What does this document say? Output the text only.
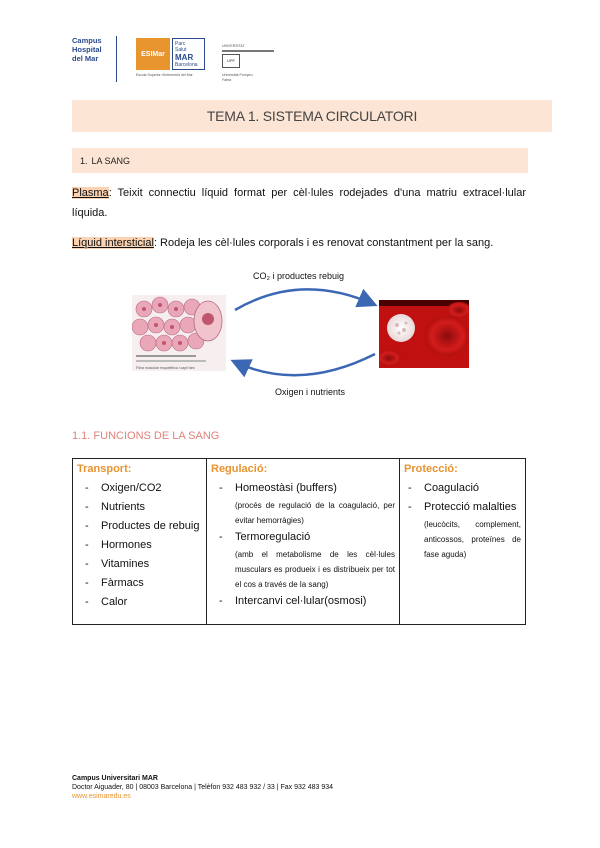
Campus
Hospital
del Mar	ESIMar
Parc
Salut
MAR
Barcelona
Escola Superior d'Infermeria del Mar
UNIVERSITAT
UPF Universitat Pompeu Fabra
TEMA 1. SISTEMA CIRCULATORI
1. LA SANG
Plasma: Teixit connectiu líquid format per cèl·lules rodejades d'una matriu extracel·lular líquida.
Líquid intersticial: Rodeja les cèl·lules corporals i es renovat constantment per la sang.
CO₂ i productes rebuig
Fibra muscular esquelètica i capil·lars
Oxigen i nutrients
1.1. FUNCIONS DE LA SANG
Transport:
-	Oxigen/CO2
-	Nutrients
-	Productes de rebuig
-	Hormones
-	Vitamines
-	Fàrmacs
-	Calor
Regulació:
-	Homeostàsi (buffers)
(procés de regulació de la coagulació, per evitar hemorràgies)
-	Termoregulació
(amb el metabolisme de les cèl·lules musculars es produeix i es distribueix per tot el cos a través de la sang)
-	Intercanvi cel·lular(osmosi)
Protecció:
-	Coagulació
-	Protecció malalties
(leucòcits, complement, anticossos, proteïnes de fase aguda)
Campus Universitari MAR
Doctor Aiguader, 80 | 08003 Barcelona | Telèfon 932 483 932 / 33 | Fax 932 483 934
www.esimaredu.es
